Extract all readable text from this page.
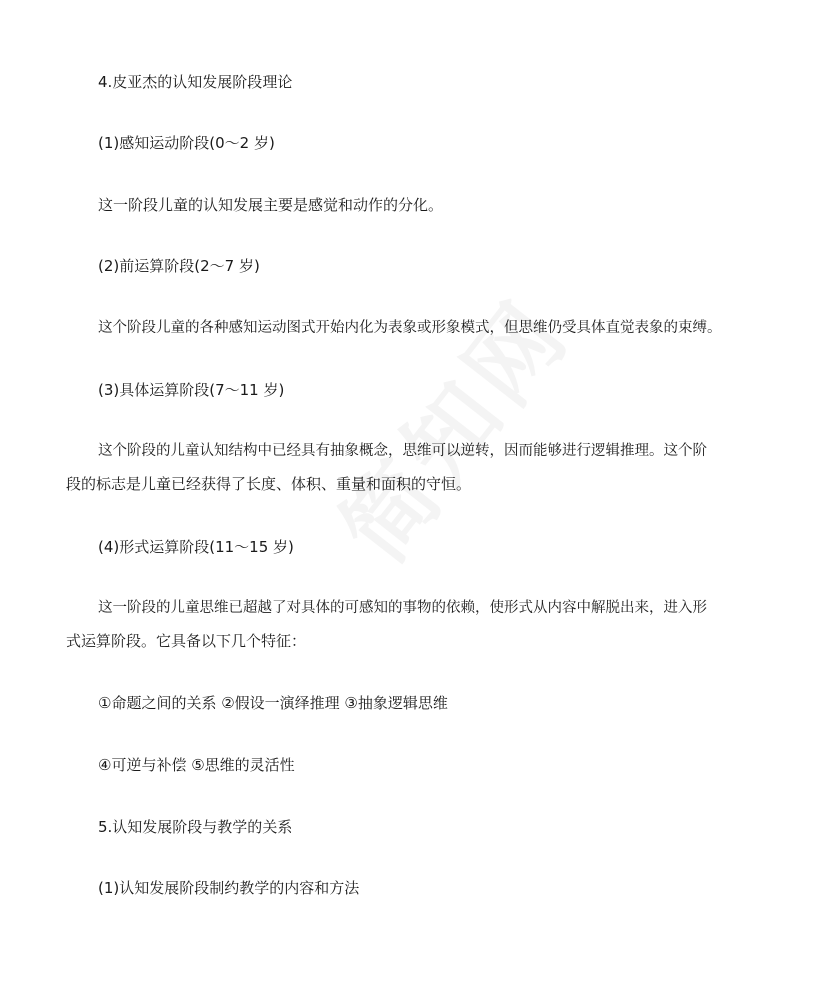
4.皮亚杰的认知发展阶段理论
(1)感知运动阶段(0～2 岁)
这一阶段儿童的认知发展主要是感觉和动作的分化。
(2)前运算阶段(2～7 岁)
这个阶段儿童的各种感知运动图式开始内化为表象或形象模式，但思维仍受具体直觉表象的束缚。
(3)具体运算阶段(7～11 岁)
这个阶段的儿童认知结构中已经具有抽象概念，思维可以逆转，因而能够进行逻辑推理。这个阶
段的标志是儿童已经获得了长度、体积、重量和面积的守恒。
(4)形式运算阶段(11～15 岁)
这一阶段的儿童思维已超越了对具体的可感知的事物的依赖，使形式从内容中解脱出来，进入形
式运算阶段。它具备以下几个特征：
①命题之间的关系 ②假设一演绎推理 ③抽象逻辑思维
④可逆与补偿 ⑤思维的灵活性
5.认知发展阶段与教学的关系
(1)认知发展阶段制约教学的内容和方法
